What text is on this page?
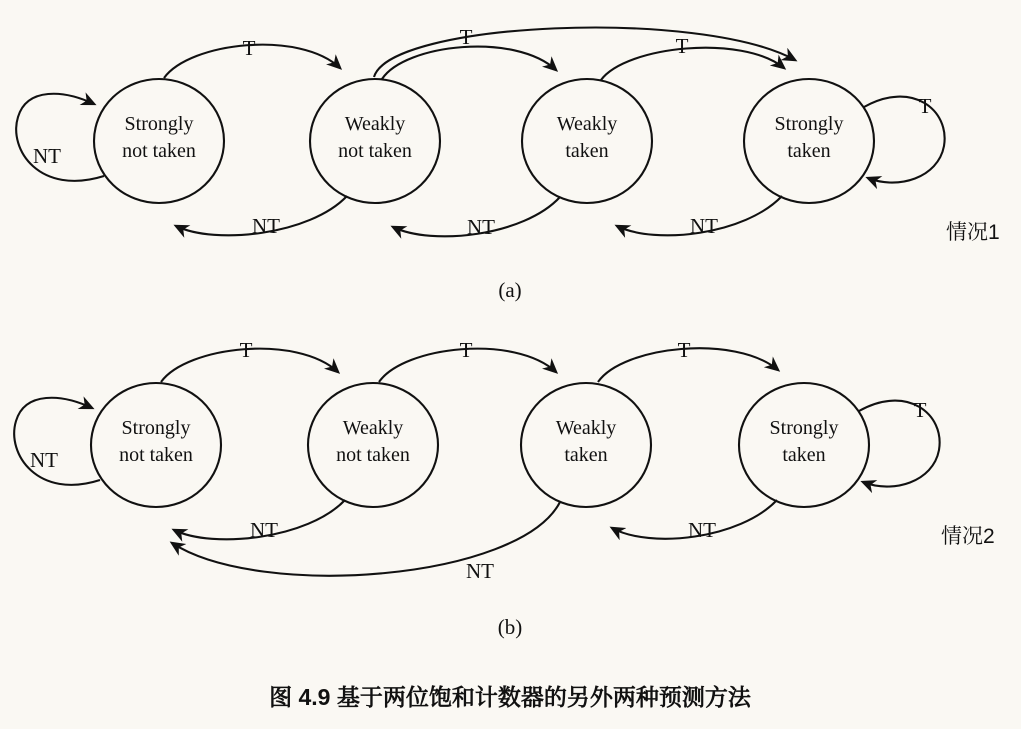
Strongly
not taken
Weakly
not taken
Weakly
taken
Strongly
taken
NT
T	T	T
T
NT	NT	NT	情况1
(a)
Strongly
not taken
Weakly
not taken
Weakly
taken
Strongly
taken
NT
T	T	T
T
NT	NT
NT
情况2
(b)
图 4.9 基于两位饱和计数器的另外两种预测方法
